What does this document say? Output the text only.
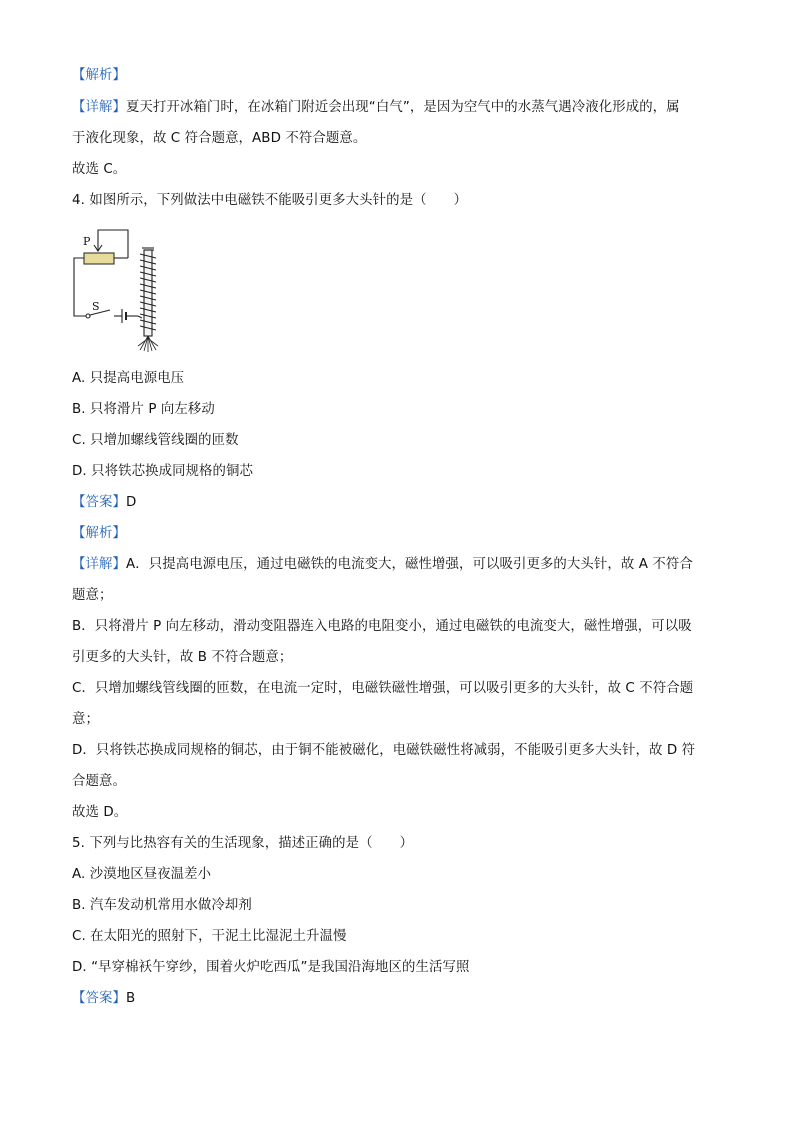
【解析】
【详解】夏天打开冰箱门时，在冰箱门附近会出现“白气”，是因为空气中的水蒸气遇冷液化形成的，属
于液化现象，故 C 符合题意，ABD 不符合题意。
故选 C。
4. 如图所示，下列做法中电磁铁不能吸引更多大头针的是（　　）
P
S
A. 只提高电源电压
B. 只将滑片 P 向左移动
C. 只增加螺线管线圈的匝数
D. 只将铁芯换成同规格的铜芯
【答案】D
【解析】
【详解】A．只提高电源电压，通过电磁铁的电流变大，磁性增强，可以吸引更多的大头针，故 A 不符合
题意；
B．只将滑片 P 向左移动，滑动变阻器连入电路的电阻变小，通过电磁铁的电流变大，磁性增强，可以吸
引更多的大头针，故 B 不符合题意；
C．只增加螺线管线圈的匝数，在电流一定时，电磁铁磁性增强，可以吸引更多的大头针，故 C 不符合题
意；
D．只将铁芯换成同规格的铜芯，由于铜不能被磁化，电磁铁磁性将减弱，不能吸引更多大头针，故 D 符
合题意。
故选 D。
5. 下列与比热容有关的生活现象，描述正确的是（　　）
A. 沙漠地区昼夜温差小
B. 汽车发动机常用水做冷却剂
C. 在太阳光的照射下，干泥土比湿泥土升温慢
D. “早穿棉袄午穿纱，围着火炉吃西瓜”是我国沿海地区的生活写照
【答案】B
